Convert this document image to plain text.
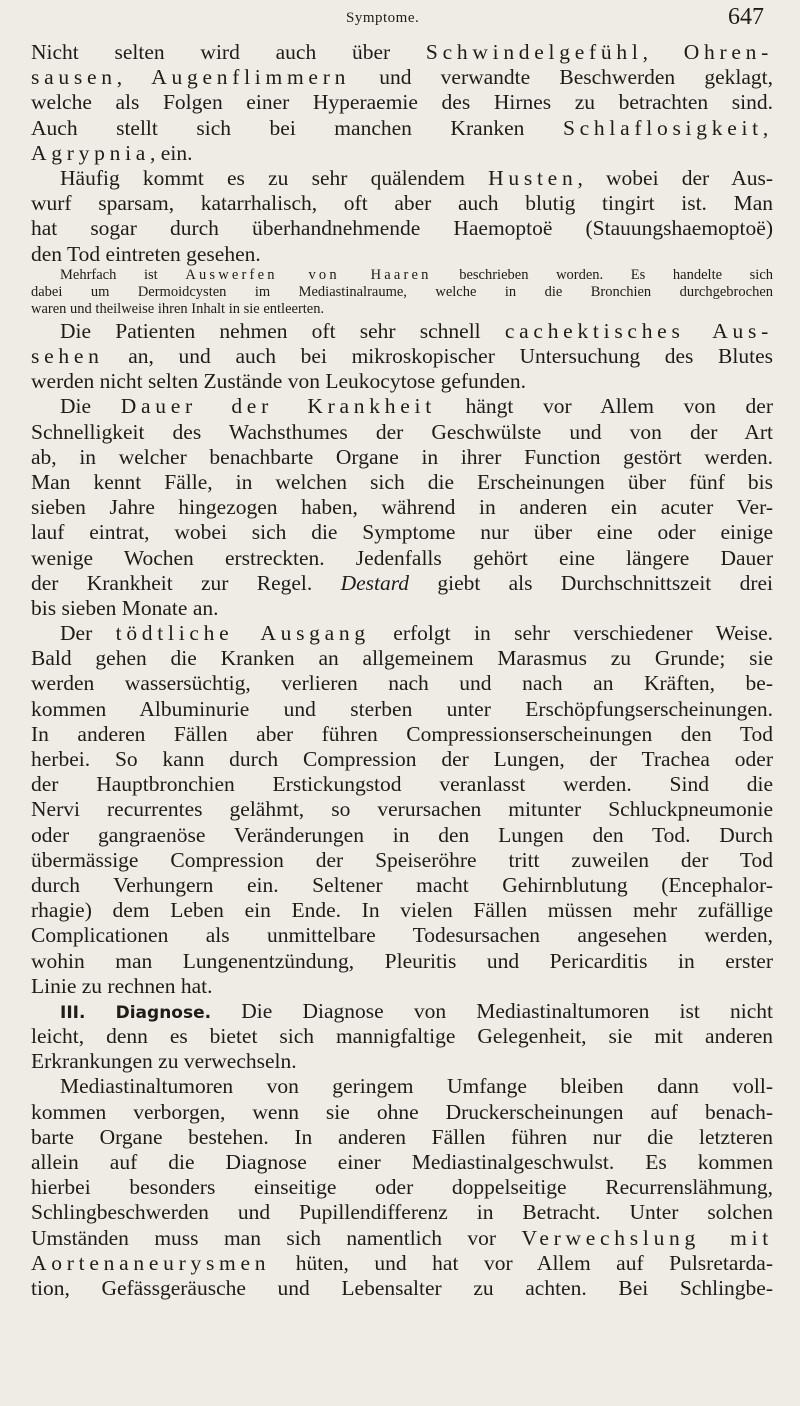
Symptome.	647
Nicht selten wird auch über Schwindelgefühl, Ohren-
sausen, Augenflimmern und verwandte Beschwerden geklagt,
welche als Folgen einer Hyperaemie des Hirnes zu betrachten sind.
Auch stellt sich bei manchen Kranken Schlaflosigkeit,
Agrypnia, ein.
Häufig kommt es zu sehr quälendem Husten, wobei der Aus-
wurf sparsam, katarrhalisch, oft aber auch blutig tingirt ist. Man
hat sogar durch überhandnehmende Haemoptoë (Stauungshaemoptoë)
den Tod eintreten gesehen.
Mehrfach ist Auswerfen von Haaren beschrieben worden. Es handelte sich
dabei um Dermoidcysten im Mediastinalraume, welche in die Bronchien durchgebrochen
waren und theilweise ihren Inhalt in sie entleerten.
Die Patienten nehmen oft sehr schnell cachektisches Aus-
sehen an, und auch bei mikroskopischer Untersuchung des Blutes
werden nicht selten Zustände von Leukocytose gefunden.
Die Dauer der Krankheit hängt vor Allem von der
Schnelligkeit des Wachsthumes der Geschwülste und von der Art
ab, in welcher benachbarte Organe in ihrer Function gestört werden.
Man kennt Fälle, in welchen sich die Erscheinungen über fünf bis
sieben Jahre hingezogen haben, während in anderen ein acuter Ver-
lauf eintrat, wobei sich die Symptome nur über eine oder einige
wenige Wochen erstreckten. Jedenfalls gehört eine längere Dauer
der Krankheit zur Regel. Destard giebt als Durchschnittszeit drei
bis sieben Monate an.
Der tödtliche Ausgang erfolgt in sehr verschiedener Weise.
Bald gehen die Kranken an allgemeinem Marasmus zu Grunde; sie
werden wassersüchtig, verlieren nach und nach an Kräften, be-
kommen Albuminurie und sterben unter Erschöpfungserscheinungen.
In anderen Fällen aber führen Compressionserscheinungen den Tod
herbei. So kann durch Compression der Lungen, der Trachea oder
der Hauptbronchien Erstickungstod veranlasst werden. Sind die
Nervi recurrentes gelähmt, so verursachen mitunter Schluckpneumonie
oder gangraenöse Veränderungen in den Lungen den Tod. Durch
übermässige Compression der Speiseröhre tritt zuweilen der Tod
durch Verhungern ein. Seltener macht Gehirnblutung (Encephalor-
rhagie) dem Leben ein Ende. In vielen Fällen müssen mehr zufällige
Complicationen als unmittelbare Todesursachen angesehen werden,
wohin man Lungenentzündung, Pleuritis und Pericarditis in erster
Linie zu rechnen hat.
III. Diagnose. Die Diagnose von Mediastinaltumoren ist nicht
leicht, denn es bietet sich mannigfaltige Gelegenheit, sie mit anderen
Erkrankungen zu verwechseln.
Mediastinaltumoren von geringem Umfange bleiben dann voll-
kommen verborgen, wenn sie ohne Druckerscheinungen auf benach-
barte Organe bestehen. In anderen Fällen führen nur die letzteren
allein auf die Diagnose einer Mediastinalgeschwulst. Es kommen
hierbei besonders einseitige oder doppelseitige Recurrenslähmung,
Schlingbeschwerden und Pupillendifferenz in Betracht. Unter solchen
Umständen muss man sich namentlich vor Verwechslung mit
Aortenaneurysmen hüten, und hat vor Allem auf Pulsretarda-
tion, Gefässgeräusche und Lebensalter zu achten. Bei Schlingbe-
